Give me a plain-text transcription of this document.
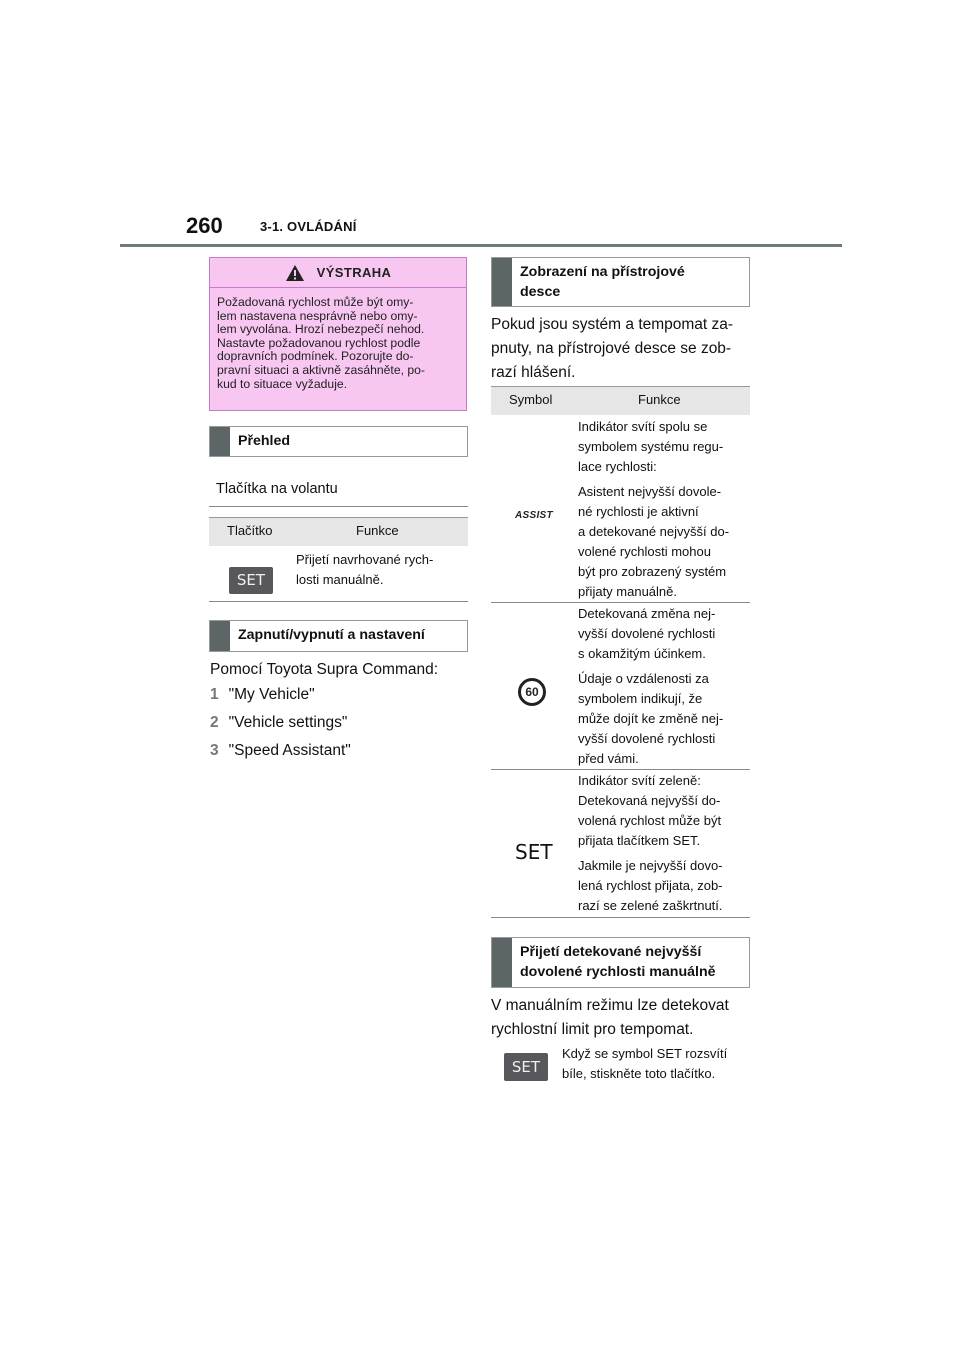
260	3-1. OVLÁDÁNÍ
VÝSTRAHA
Požadovaná rychlost může být omy-
lem nastavena nesprávně nebo omy-
lem vyvolána. Hrozí nebezpečí nehod.
Nastavte požadovanou rychlost podle
dopravních podmínek. Pozorujte do-
pravní situaci a aktivně zasáhněte, po-
kud to situace vyžaduje.
Přehled
Tlačítka na volantu
Tlačítko	Funkce
SET
Přijetí navrhované rych-
losti manuálně.
Zapnutí/vypnutí a nastavení
Pomocí Toyota Supra Command:
1 "My Vehicle"
2 "Vehicle settings"
3 "Speed Assistant"
Zobrazení na přístrojové
desce
Pokud jsou systém a tempomat za-
pnuty, na přístrojové desce se zob-
razí hlášení.
Symbol	Funkce
ASSIST

Indikátor svítí spolu se
symbolem systému regu-
lace rychlosti:

Asistent nejvyšší dovole-
né rychlosti je aktivní
a detekované nejvyšší do-
volené rychlosti mohou
být pro zobrazený systém
přijaty manuálně.

60

Detekovaná změna nej-
vyšší dovolené rychlosti
s okamžitým účinkem.

Údaje o vzdálenosti za
symbolem indikují, že
může dojít ke změně nej-
vyšší dovolené rychlosti
před vámi.

SET

Indikátor svítí zeleně:
Detekovaná nejvyšší do-
volená rychlost může být
přijata tlačítkem SET.

Jakmile je nejvyšší dovo-
lená rychlost přijata, zob-
razí se zelené zaškrtnutí.

Přijetí detekované nejvyšší
dovolené rychlosti manuálně
V manuálním režimu lze detekovat
rychlostní limit pro tempomat.
SET
Když se symbol SET rozsvítí
bíle, stiskněte toto tlačítko.
